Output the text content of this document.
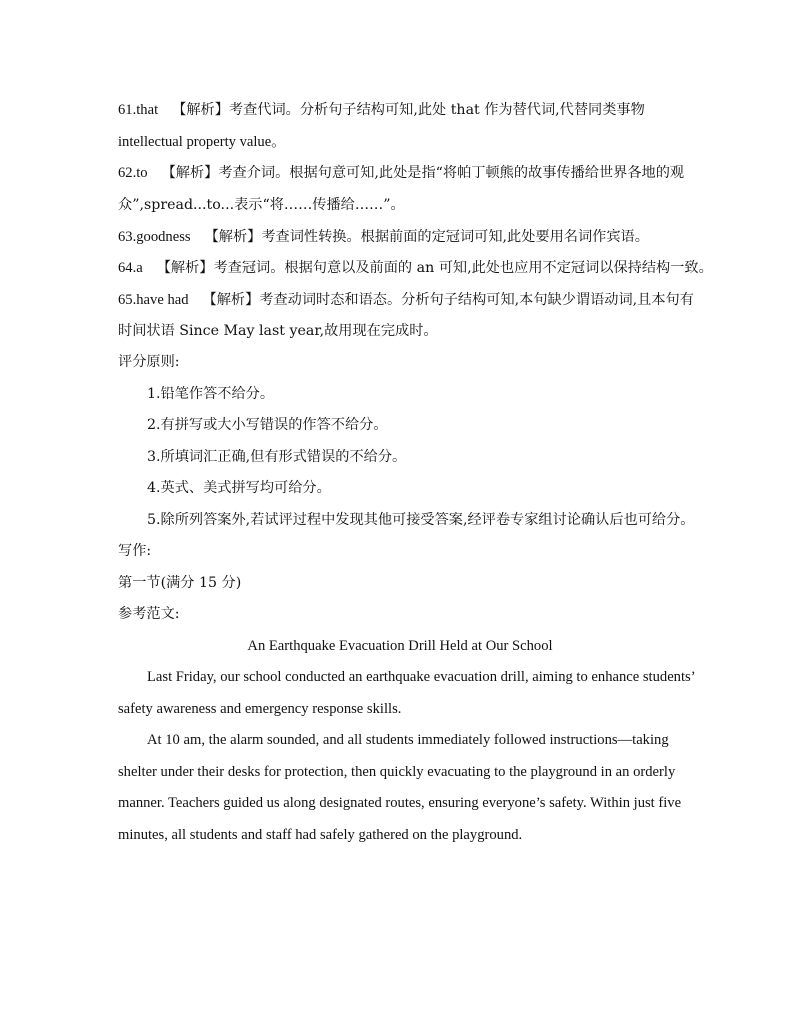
61.that 【解析】考查代词。分析句子结构可知,此处 that 作为替代词,代替同类事物
intellectual property value。
62.to 【解析】考查介词。根据句意可知,此处是指“将帕丁顿熊的故事传播给世界各地的观
众”,spread...to...表示“将……传播给……”。
63.goodness 【解析】考查词性转换。根据前面的定冠词可知,此处要用名词作宾语。
64.a 【解析】考查冠词。根据句意以及前面的 an 可知,此处也应用不定冠词以保持结构一致。
65.have had 【解析】考查动词时态和语态。分析句子结构可知,本句缺少谓语动词,且本句有
时间状语 Since May last year,故用现在完成时。
评分原则:
1.铅笔作答不给分。
2.有拼写或大小写错误的作答不给分。
3.所填词汇正确,但有形式错误的不给分。
4.英式、美式拼写均可给分。
5.除所列答案外,若试评过程中发现其他可接受答案,经评卷专家组讨论确认后也可给分。
写作:
第一节(满分 15 分)
参考范文:
An Earthquake Evacuation Drill Held at Our School
Last Friday, our school conducted an earthquake evacuation drill, aiming to enhance students’
safety awareness and emergency response skills.
At 10 am, the alarm sounded, and all students immediately followed instructions—taking
shelter under their desks for protection, then quickly evacuating to the playground in an orderly
manner. Teachers guided us along designated routes, ensuring everyone’s safety. Within just five
minutes, all students and staff had safely gathered on the playground.
